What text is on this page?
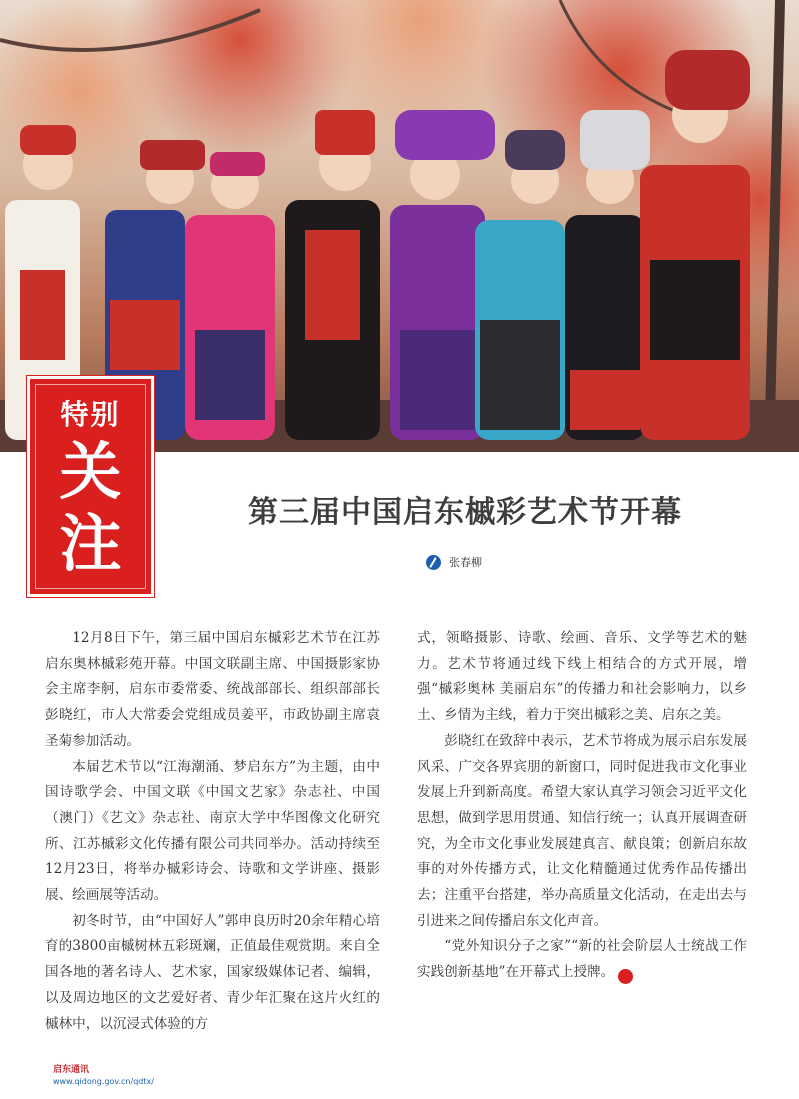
特别
关
注	第三届中国启东槭彩艺术节开幕
张春柳

12月8日下午，第三届中国启东槭彩艺术节在江苏启东奥林槭彩苑开幕。中国文联副主席、中国摄影家协会主席李舸，启东市委常委、统战部部长、组织部部长彭晓红，市人大常委会党组成员姜平，市政协副主席袁圣菊参加活动。

本届艺术节以“江海潮涌、梦启东方”为主题，由中国诗歌学会、中国文联《中国文艺家》杂志社、中国（澳门）《艺文》杂志社、南京大学中华图像文化研究所、江苏槭彩文化传播有限公司共同举办。活动持续至12月23日，将举办槭彩诗会、诗歌和文学讲座、摄影展、绘画展等活动。

初冬时节，由“中国好人”郭申良历时20余年精心培育的3800亩槭树林五彩斑斓，正值最佳观赏期。来自全国各地的著名诗人、艺术家，国家级媒体记者、编辑，以及周边地区的文艺爱好者、青少年汇聚在这片火红的槭林中，以沉浸式体验的方

式，领略摄影、诗歌、绘画、音乐、文学等艺术的魅力。艺术节将通过线下线上相结合的方式开展，增强“槭彩奥林 美丽启东”的传播力和社会影响力，以乡土、乡情为主线，着力于突出槭彩之美、启东之美。

彭晓红在致辞中表示，艺术节将成为展示启东发展风采、广交各界宾朋的新窗口，同时促进我市文化事业发展上升到新高度。希望大家认真学习领会习近平文化思想，做到学思用贯通、知信行统一；认真开展调查研究，为全市文化事业发展建真言、献良策；创新启东故事的对外传播方式，让文化精髓通过优秀作品传播出去；注重平台搭建，举办高质量文化活动，在走出去与引进来之间传播启东文化声音。

“党外知识分子之家”“新的社会阶层人士统战工作实践创新基地”在开幕式上授牌。	启

启东通讯
www.qidong.gov.cn/qdtx/
